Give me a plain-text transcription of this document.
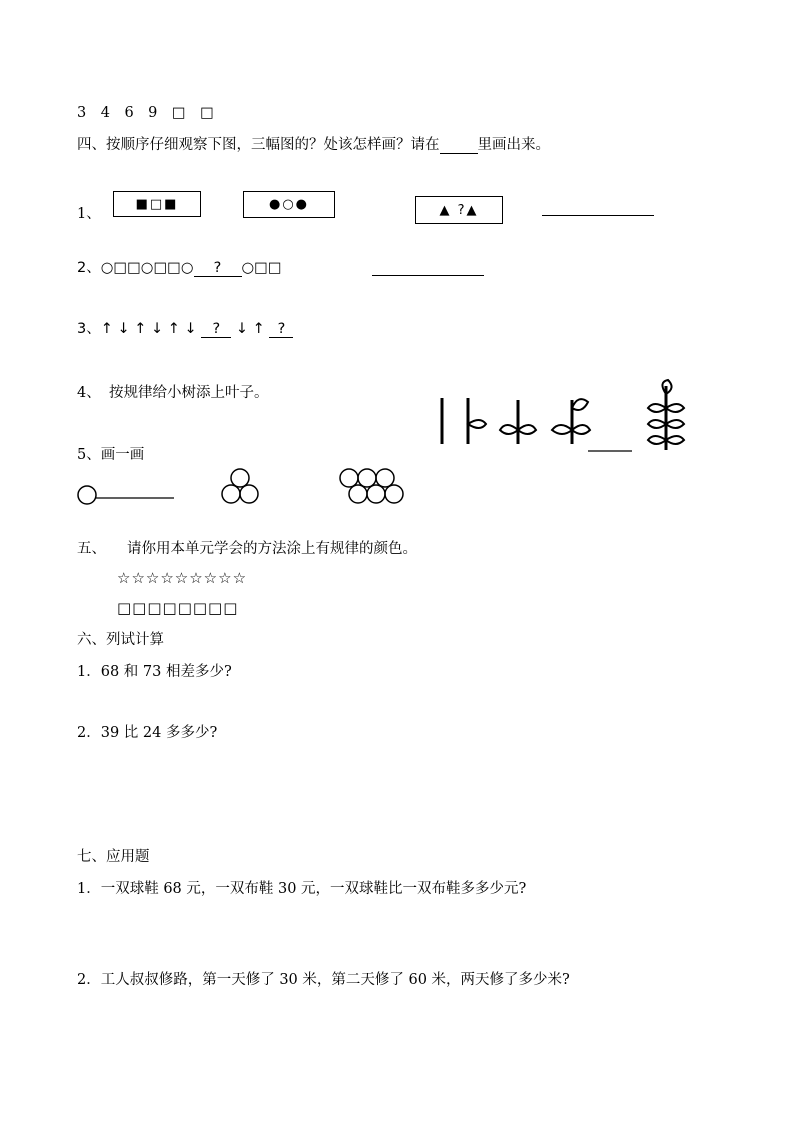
3　4　6　9　□　□
四、按顺序仔细观察下图，三幅图的？处该怎样画？请在	里画出来。
1、
■□■	●○●	▲ ?▲
2、○□□○□□○ ? ○□□
3、↑ ↓ ↑ ↓ ↑ ↓ ? ↓ ↑ ?
4、 按规律给小树添上叶子。
5、画一画
五、 请你用本单元学会的方法涂上有规律的颜色。
☆☆☆☆☆☆☆☆☆
□□□□□□□□
六、列试计算
1．68 和 73 相差多少?
2．39 比 24 多多少?
七、应用题
1．一双球鞋 68 元，一双布鞋 30 元，一双球鞋比一双布鞋多多少元?
2．工人叔叔修路，第一天修了 30 米，第二天修了 60 米，两天修了多少米?
